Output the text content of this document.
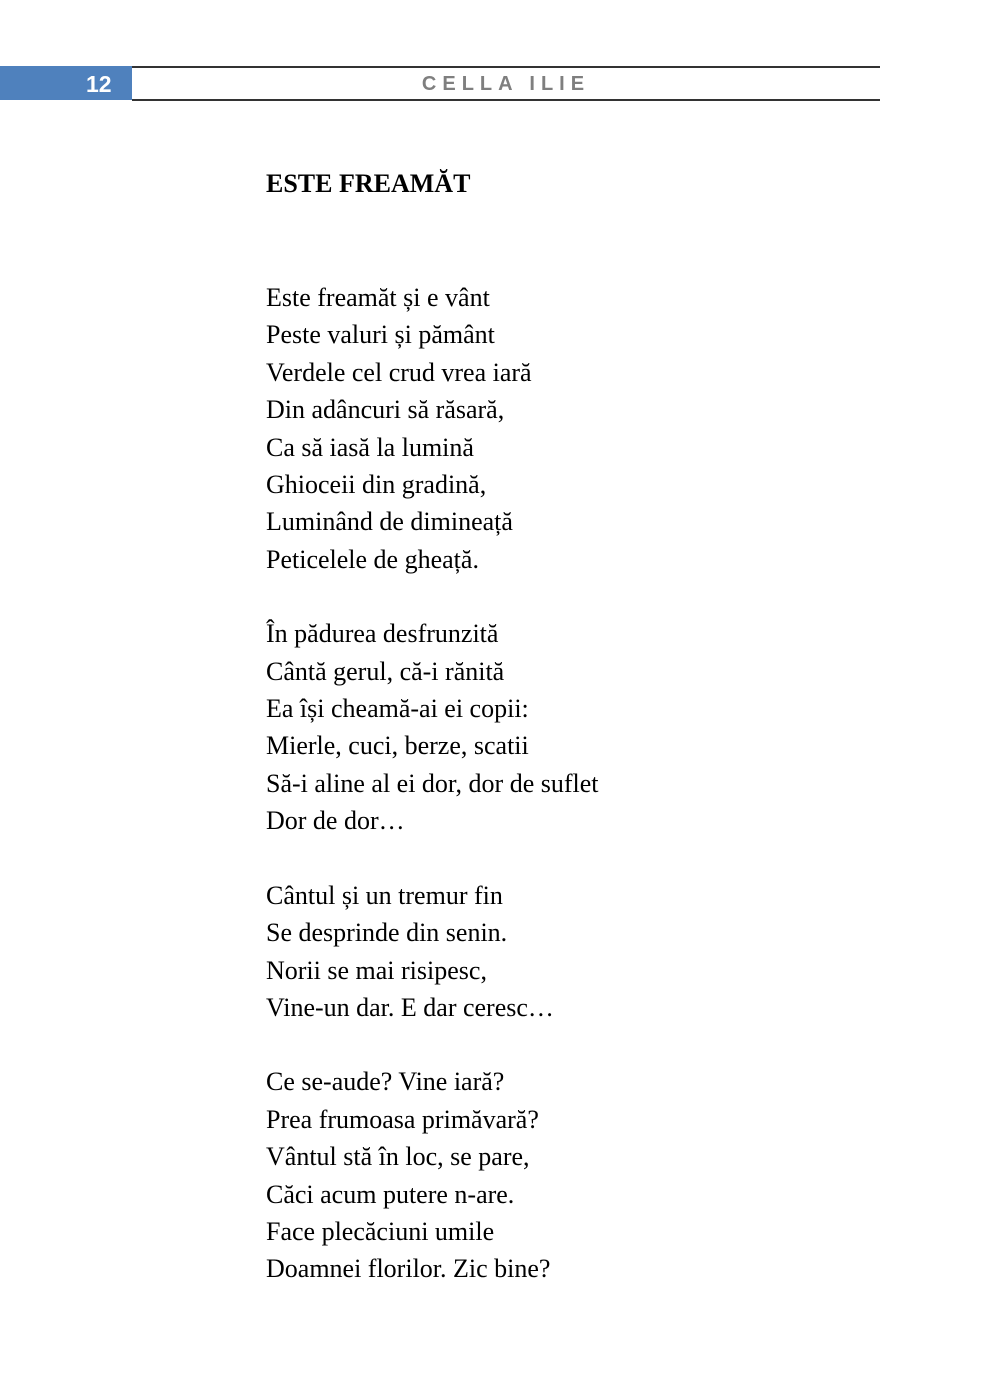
12	CELLA ILIE
ESTE FREAMĂT
Este freamăt și e vânt
Peste valuri și pământ
Verdele cel crud vrea iară
Din adâncuri să răsară,
Ca să iasă la lumină
Ghioceii din gradină,
Luminând de dimineață
Peticelele de gheață.
În pădurea desfrunzită
Cântă gerul, că-i rănită
Ea își cheamă-ai ei copii:
Mierle, cuci, berze, scatii
Să-i aline al ei dor, dor de suflet
Dor de dor…
Cântul și un tremur fin
Se desprinde din senin.
Norii se mai risipesc,
Vine-un dar. E dar ceresc…
Ce se-aude? Vine iară?
Prea frumoasa primăvară?
Vântul stă în loc, se pare,
Căci acum putere n-are.
Face plecăciuni umile
Doamnei florilor. Zic bine?
